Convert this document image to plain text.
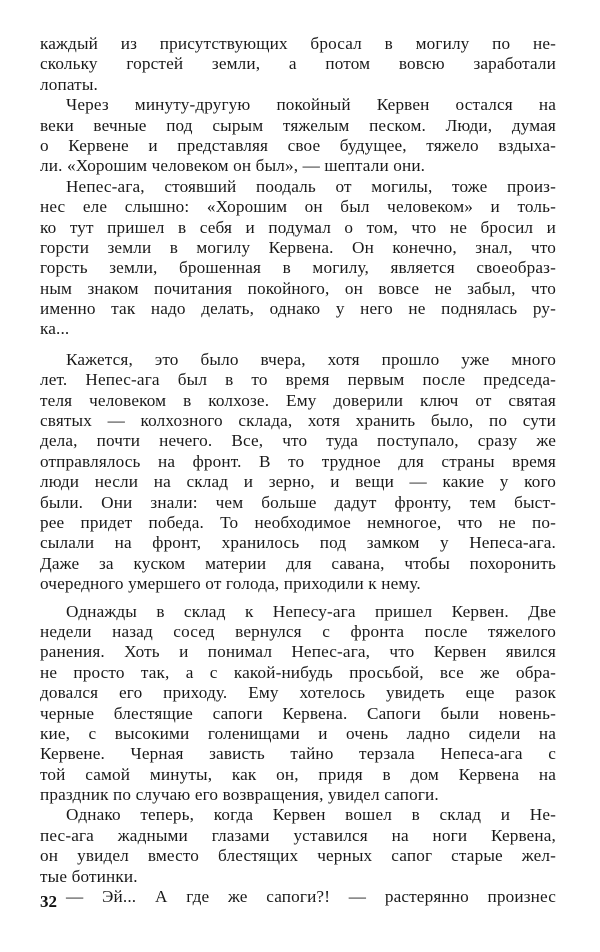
каждый из присутствующих бросал в могилу по не-
скольку горстей земли, а потом вовсю заработали
лопаты.
Через минуту-другую покойный Кервен остался на
веки вечные под сырым тяжелым песком. Люди, думая
о Кервене и представляя свое будущее, тяжело вздыха-
ли. «Хорошим человеком он был», — шептали они.
Непес-ага, стоявший поодаль от могилы, тоже произ-
нес еле слышно: «Хорошим он был человеком» и толь-
ко тут пришел в себя и подумал о том, что не бросил и
горсти земли в могилу Кервена. Он конечно, знал, что
горсть земли, брошенная в могилу, является своеобраз-
ным знаком почитания покойного, он вовсе не забыл, что
именно так надо делать, однако у него не поднялась ру-
ка...
Кажется, это было вчера, хотя прошло уже много
лет. Непес-ага был в то время первым после председа-
теля человеком в колхозе. Ему доверили ключ от святая
святых — колхозного склада, хотя хранить было, по сути
дела, почти нечего. Все, что туда поступало, сразу же
отправлялось на фронт. В то трудное для страны время
люди несли на склад и зерно, и вещи — какие у кого
были. Они знали: чем больше дадут фронту, тем быст-
рее придет победа. То необходимое немногое, что не по-
сылали на фронт, хранилось под замком у Непеса-ага.
Даже за куском материи для савана, чтобы похоронить
очередного умершего от голода, приходили к нему.
Однажды в склад к Непесу-ага пришел Кервен. Две
недели назад сосед вернулся с фронта после тяжелого
ранения. Хоть и понимал Непес-ага, что Кервен явился
не просто так, а с какой-нибудь просьбой, все же обра-
довался его приходу. Ему хотелось увидеть еще разок
черные блестящие сапоги Кервена. Сапоги были новень-
кие, с высокими голенищами и очень ладно сидели на
Кервене. Черная зависть тайно терзала Непеса-ага с
той самой минуты, как он, придя в дом Кервена на
праздник по случаю его возвращения, увидел сапоги.
Однако теперь, когда Кервен вошел в склад и Не-
пес-ага жадными глазами уставился на ноги Кервена,
он увидел вместо блестящих черных сапог старые жел-
тые ботинки.
— Эй... А где же сапоги?! — растерянно произнес
32
